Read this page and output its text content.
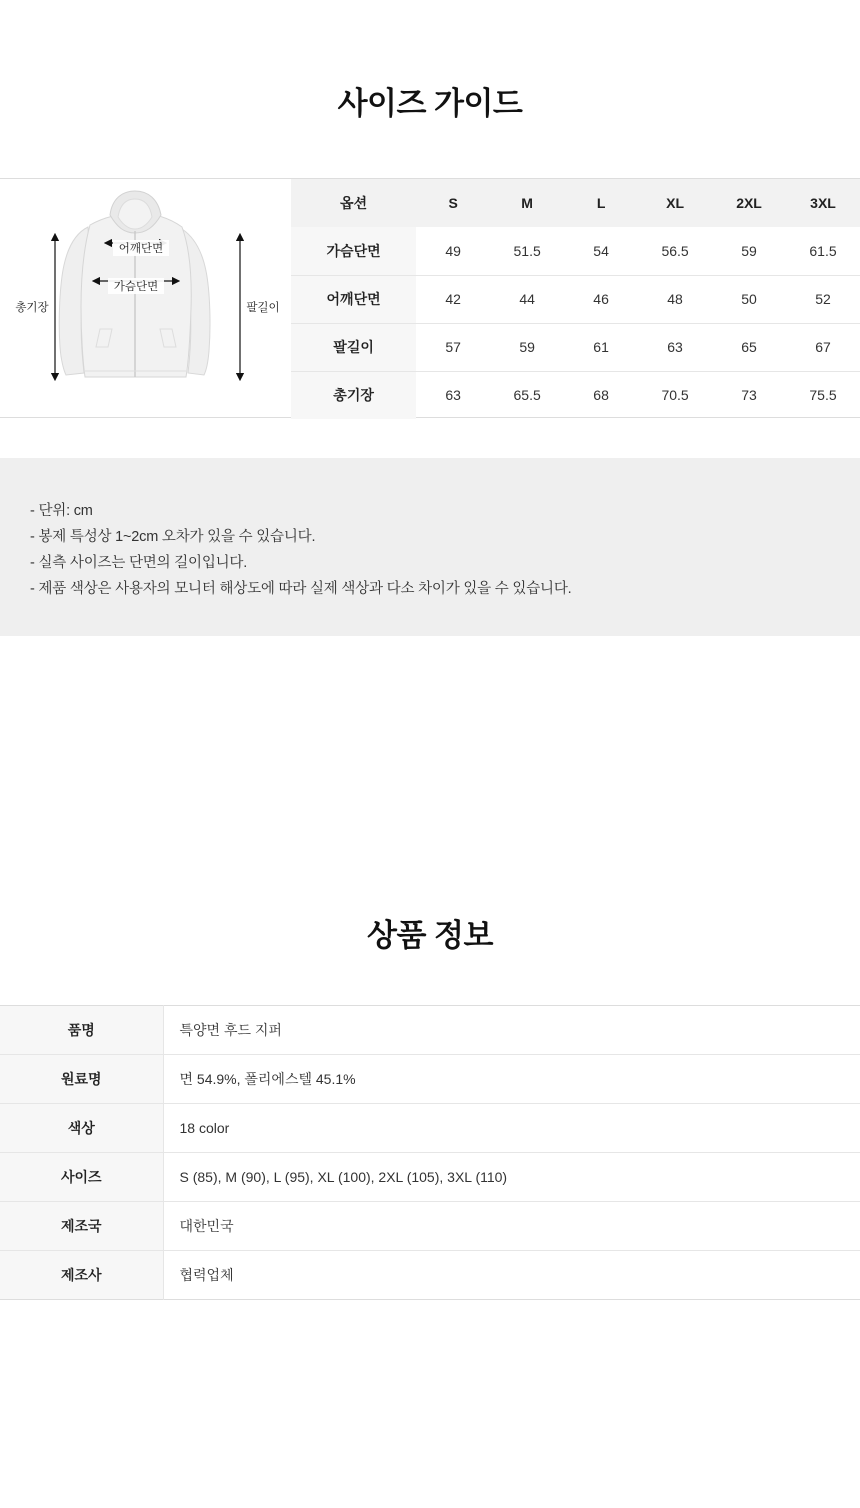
사이즈 가이드
어깨단면
가슴단면
총기장	팔길이
옵션	S	M	L	XL	2XL	3XL
가슴단면	49	51.5	54	56.5	59	61.5
어깨단면	42	44	46	48	50	52
팔길이	57	59	61	63	65	67
총기장	63	65.5	68	70.5	73	75.5
- 단위: cm
- 봉제 특성상 1~2cm 오차가 있을 수 있습니다.
- 실측 사이즈는 단면의 길이입니다.
- 제품 색상은 사용자의 모니터 해상도에 따라 실제 색상과 다소 차이가 있을 수 있습니다.
상품 정보
품명	특양면 후드 지퍼
원료명	면 54.9%, 폴리에스텔 45.1%
색상	18 color
사이즈	S (85), M (90), L (95), XL (100), 2XL (105), 3XL (110)
제조국	대한민국
제조사	협력업체
